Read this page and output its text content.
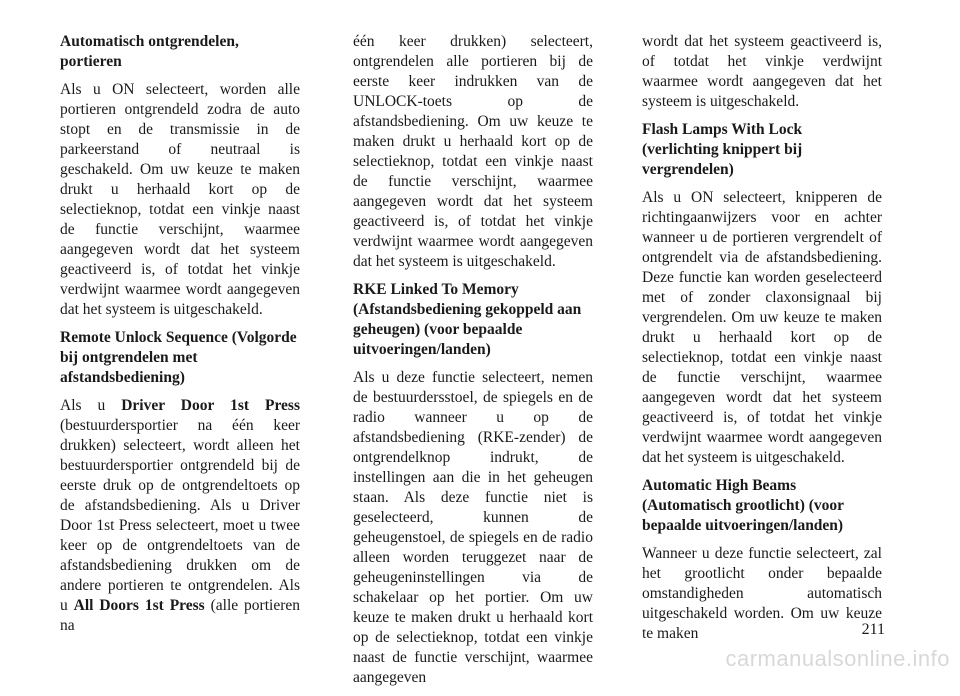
Automatisch ontgrendelen, portieren

Als u ON selecteert, worden alle portieren ontgrendeld zodra de auto stopt en de transmissie in de parkeerstand of neutraal is geschakeld. Om uw keuze te maken drukt u herhaald kort op de selectieknop, totdat een vinkje naast de functie verschijnt, waarmee aangegeven wordt dat het systeem geactiveerd is, of totdat het vinkje verdwijnt waarmee wordt aangegeven dat het systeem is uitgeschakeld.

Remote Unlock Sequence (Volgorde bij ontgrendelen met afstandsbediening)

Als u Driver Door 1st Press (bestuurdersportier na één keer drukken) selecteert, wordt alleen het bestuurdersportier ontgrendeld bij de eerste druk op de ontgrendeltoets op de afstandsbediening. Als u Driver Door 1st Press selecteert, moet u twee keer op de ontgrendeltoets van de afstandsbediening drukken om de andere portieren te ontgrendelen. Als u All Doors 1st Press (alle portieren na

één keer drukken) selecteert, ontgrendelen alle portieren bij de eerste keer indrukken van de UNLOCK-toets op de afstandsbediening. Om uw keuze te maken drukt u herhaald kort op de selectieknop, totdat een vinkje naast de functie verschijnt, waarmee aangegeven wordt dat het systeem geactiveerd is, of totdat het vinkje verdwijnt waarmee wordt aangegeven dat het systeem is uitgeschakeld.

RKE Linked To Memory (Afstandsbediening gekoppeld aan geheugen) (voor bepaalde uitvoeringen/landen)

Als u deze functie selecteert, nemen de bestuurdersstoel, de spiegels en de radio wanneer u op de afstandsbediening (RKE-zender) de ontgrendelknop indrukt, de instellingen aan die in het geheugen staan. Als deze functie niet is geselecteerd, kunnen de geheugenstoel, de spiegels en de radio alleen worden teruggezet naar de geheugeninstellingen via de schakelaar op het portier. Om uw keuze te maken drukt u herhaald kort op de selectieknop, totdat een vinkje naast de functie verschijnt, waarmee aangegeven

wordt dat het systeem geactiveerd is, of totdat het vinkje verdwijnt waarmee wordt aangegeven dat het systeem is uitgeschakeld.

Flash Lamps With Lock (verlichting knippert bij vergrendelen)

Als u ON selecteert, knipperen de richtingaanwijzers voor en achter wanneer u de portieren vergrendelt of ontgrendelt via de afstandsbediening. Deze functie kan worden geselecteerd met of zonder claxonsignaal bij vergrendelen. Om uw keuze te maken drukt u herhaald kort op de selectieknop, totdat een vinkje naast de functie verschijnt, waarmee aangegeven wordt dat het systeem geactiveerd is, of totdat het vinkje verdwijnt waarmee wordt aangegeven dat het systeem is uitgeschakeld.

Automatic High Beams (Automatisch grootlicht) (voor bepaalde uitvoeringen/landen)

Wanneer u deze functie selecteert, zal het grootlicht onder bepaalde omstandigheden automatisch uitgeschakeld worden. Om uw keuze te maken	211
carmanualsonline.info
